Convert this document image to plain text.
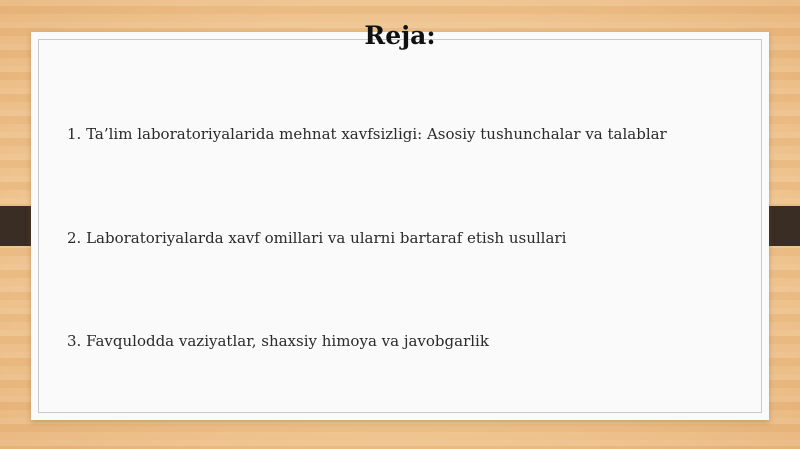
Reja:
1. Ta’lim laboratoriyalarida mehnat xavfsizligi: Asosiy tushunchalar va talablar
2. Laboratoriyalarda xavf omillari va ularni bartaraf etish usullari
3. Favqulodda vaziyatlar, shaxsiy himoya va javobgarlik
